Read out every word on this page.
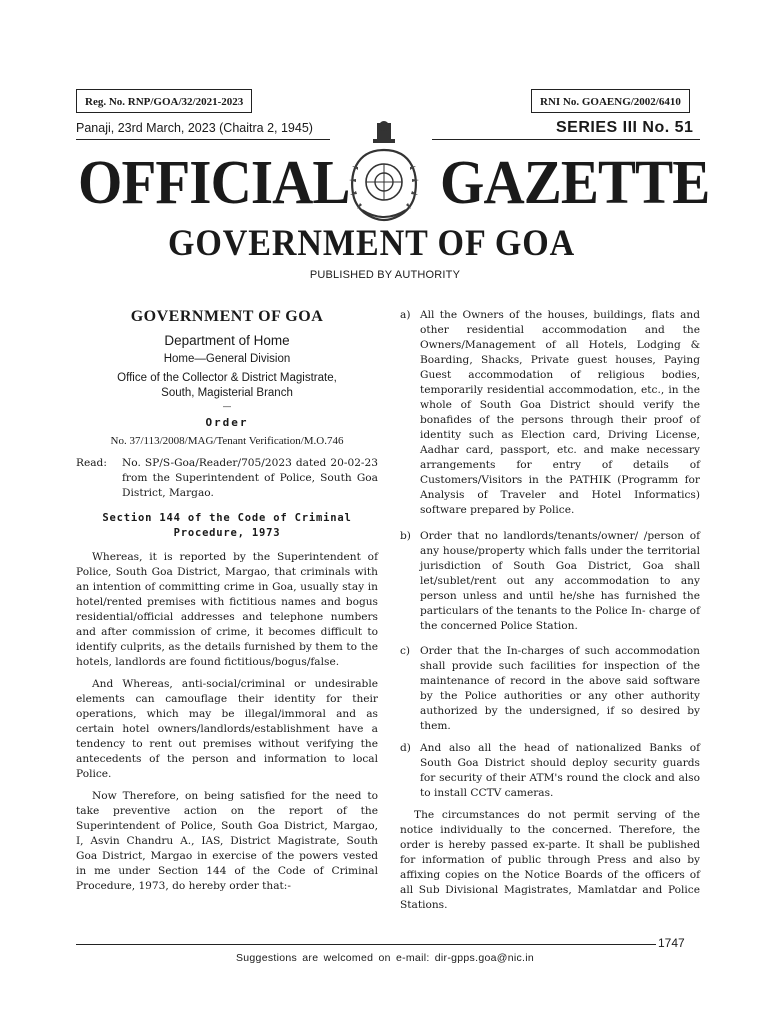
Reg. No. RNP/GOA/32/2021-2023	RNI No. GOAENG/2002/6410
Panaji, 23rd March, 2023 (Chaitra 2, 1945)	SERIES III No. 51
OFFICIAL GAZETTE
GOVERNMENT OF GOA
PUBLISHED BY AUTHORITY
GOVERNMENT OF GOA
Department of Home
Home—General Division
Office of the Collector & District Magistrate,
South, Magisterial Branch
—
Order
No. 37/113/2008/MAG/Tenant Verification/M.O.746
Read: No. SP/S-Goa/Reader/705/2023 dated 20-02-23 from the Superintendent of Police, South Goa District, Margao.
Section 144 of the Code of Criminal
Procedure, 1973

Whereas, it is reported by the Superintendent of Police, South Goa District, Margao, that criminals with an intention of committing crime in Goa, usually stay in hotel/rented premises with fictitious names and bogus residential/official addresses and telephone numbers and after commission of crime, it becomes difficult to identify culprits, as the details furnished by them to the hotels, landlords are found fictitious/bogus/false.

And Whereas, anti-social/criminal or undesirable elements can camouflage their identity for their operations, which may be illegal/immoral and as certain hotel owners/landlords/establishment have a tendency to rent out premises without verifying the antecedents of the person and information to local Police.

Now Therefore, on being satisfied for the need to take preventive action on the report of the Superintendent of Police, South Goa District, Margao, I, Asvin Chandru A., IAS, District Magistrate, South Goa District, Margao in exercise of the powers vested in me under Section 144 of the Code of Criminal Procedure, 1973, do hereby order that:-

a) All the Owners of the houses, buildings, flats and other residential accommodation and the Owners/Management of all Hotels, Lodging & Boarding, Shacks, Private guest houses, Paying Guest accommodation of religious bodies, temporarily residential accommodation, etc., in the whole of South Goa District should verify the bonafides of the persons through their proof of identity such as Election card, Driving License, Aadhar card, passport, etc. and make necessary arrangements for entry of details of Customers/Visitors in the PATHIK (Programm for Analysis of Traveler and Hotel Informatics) software prepared by Police.
b) Order that no landlords/tenants/owner/ /person of any house/property which falls under the territorial jurisdiction of South Goa District, Goa shall let/sublet/rent out any accommodation to any person unless and until he/she has furnished the particulars of the tenants to the Police In- charge of the concerned Police Station.
c) Order that the In-charges of such accommodation shall provide such facilities for inspection of the maintenance of record in the above said software by the Police authorities or any other authority authorized by the undersigned, if so desired by them.
d) And also all the head of nationalized Banks of South Goa District should deploy security guards for security of their ATM's round the clock and also to install CCTV cameras.

The circumstances do not permit serving of the notice individually to the concerned. Therefore, the order is hereby passed ex-parte. It shall be published for information of public through Press and also by affixing copies on the Notice Boards of the officers of all Sub Divisional Magistrates, Mamlatdar and Police Stations.

1747
Suggestions are welcomed on e-mail: dir-gpps.goa@nic.in
